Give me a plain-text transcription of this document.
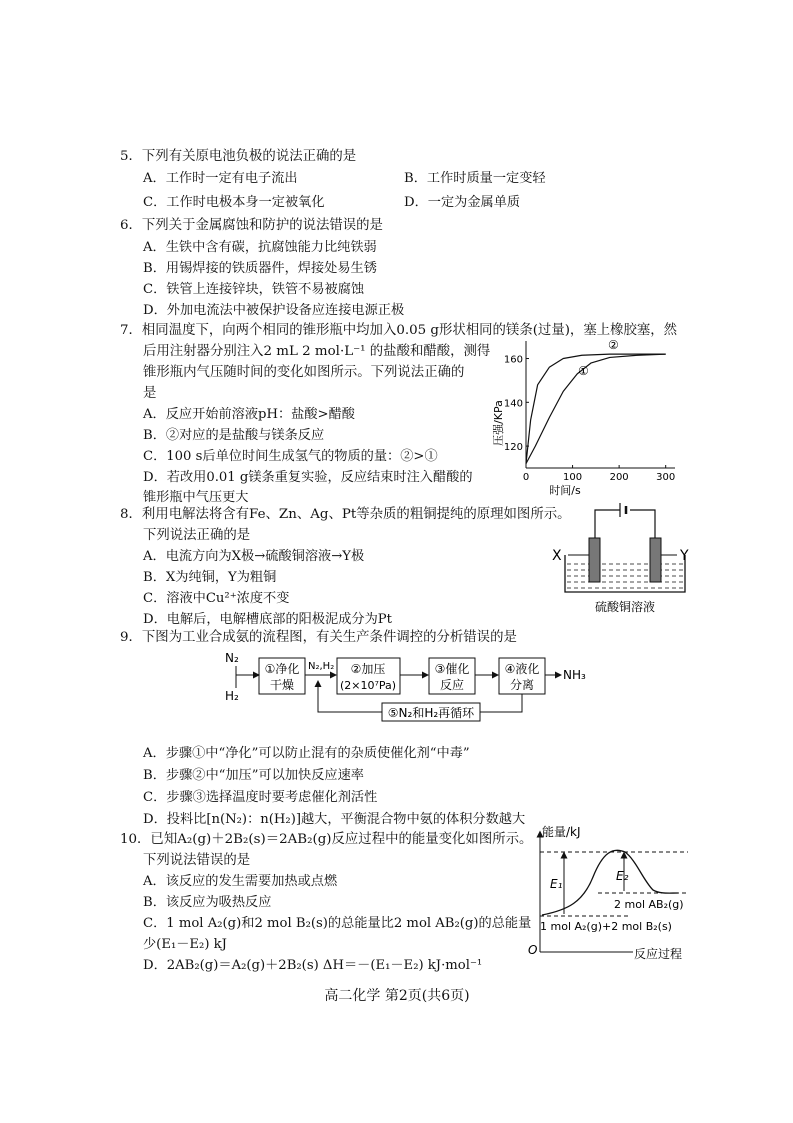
5．下列有关原电池负极的说法正确的是
A．工作时一定有电子流出	B．工作时质量一定变轻
C．工作时电极本身一定被氧化	D．一定为金属单质
6．下列关于金属腐蚀和防护的说法错误的是
A．生铁中含有碳，抗腐蚀能力比纯铁弱
B．用锡焊接的铁质器件，焊接处易生锈
C．铁管上连接锌块，铁管不易被腐蚀
D．外加电流法中被保护设备应连接电源正极
7．相同温度下，向两个相同的锥形瓶中均加入0.05 g形状相同的镁条(过量)，塞上橡胶塞，然
后用注射器分别注入2 mL 2 mol·L⁻¹ 的盐酸和醋酸，测得
锥形瓶内气压随时间的变化如图所示。下列说法正确的
是
A．反应开始前溶液pH：盐酸>醋酸
B．②对应的是盐酸与镁条反应
C．100 s后单位时间生成氢气的物质的量：②>①
D．若改用0.01 g镁条重复实验，反应结束时注入醋酸的
锥形瓶中气压更大
0	100	200	300
120
140
160
压强/KPa
时间/s
②
①
8．利用电解法将含有Fe、Zn、Ag、Pt等杂质的粗铜提纯的原理如图所示。
下列说法正确的是
A．电流方向为X极→硫酸铜溶液→Y极
B．X为纯铜，Y为粗铜
C．溶液中Cu²⁺浓度不变
D．电解后，电解槽底部的阳极泥成分为Pt
X	Y
硫酸铜溶液
9．下图为工业合成氨的流程图，有关生产条件调控的分析错误的是
N₂
H₂
①净化
干燥
N₂,H₂ ②加压
(2×10⁷Pa)
③催化
反应
④液化
分离
NH₃
⑤N₂和H₂再循环
A．步骤①中“净化”可以防止混有的杂质使催化剂“中毒”
B．步骤②中“加压”可以加快反应速率
C．步骤③选择温度时要考虑催化剂活性
D．投料比[n(N₂)：n(H₂)]越大，平衡混合物中氨的体积分数越大
10．已知A₂(g)＋2B₂(s)＝2AB₂(g)反应过程中的能量变化如图所示。
下列说法错误的是
A．该反应的发生需要加热或点燃
B．该反应为吸热反应
C．1 mol A₂(g)和2 mol B₂(s)的总能量比2 mol AB₂(g)的总能量
少(E₁－E₂) kJ
D．2AB₂(g)＝A₂(g)＋2B₂(s) ΔH＝－(E₁－E₂) kJ·mol⁻¹
能量/kJ
O	反应过程
E₁
E₂
2 mol AB₂(g)
1 mol A₂(g)+2 mol B₂(s)
高二化学 第2页(共6页)
